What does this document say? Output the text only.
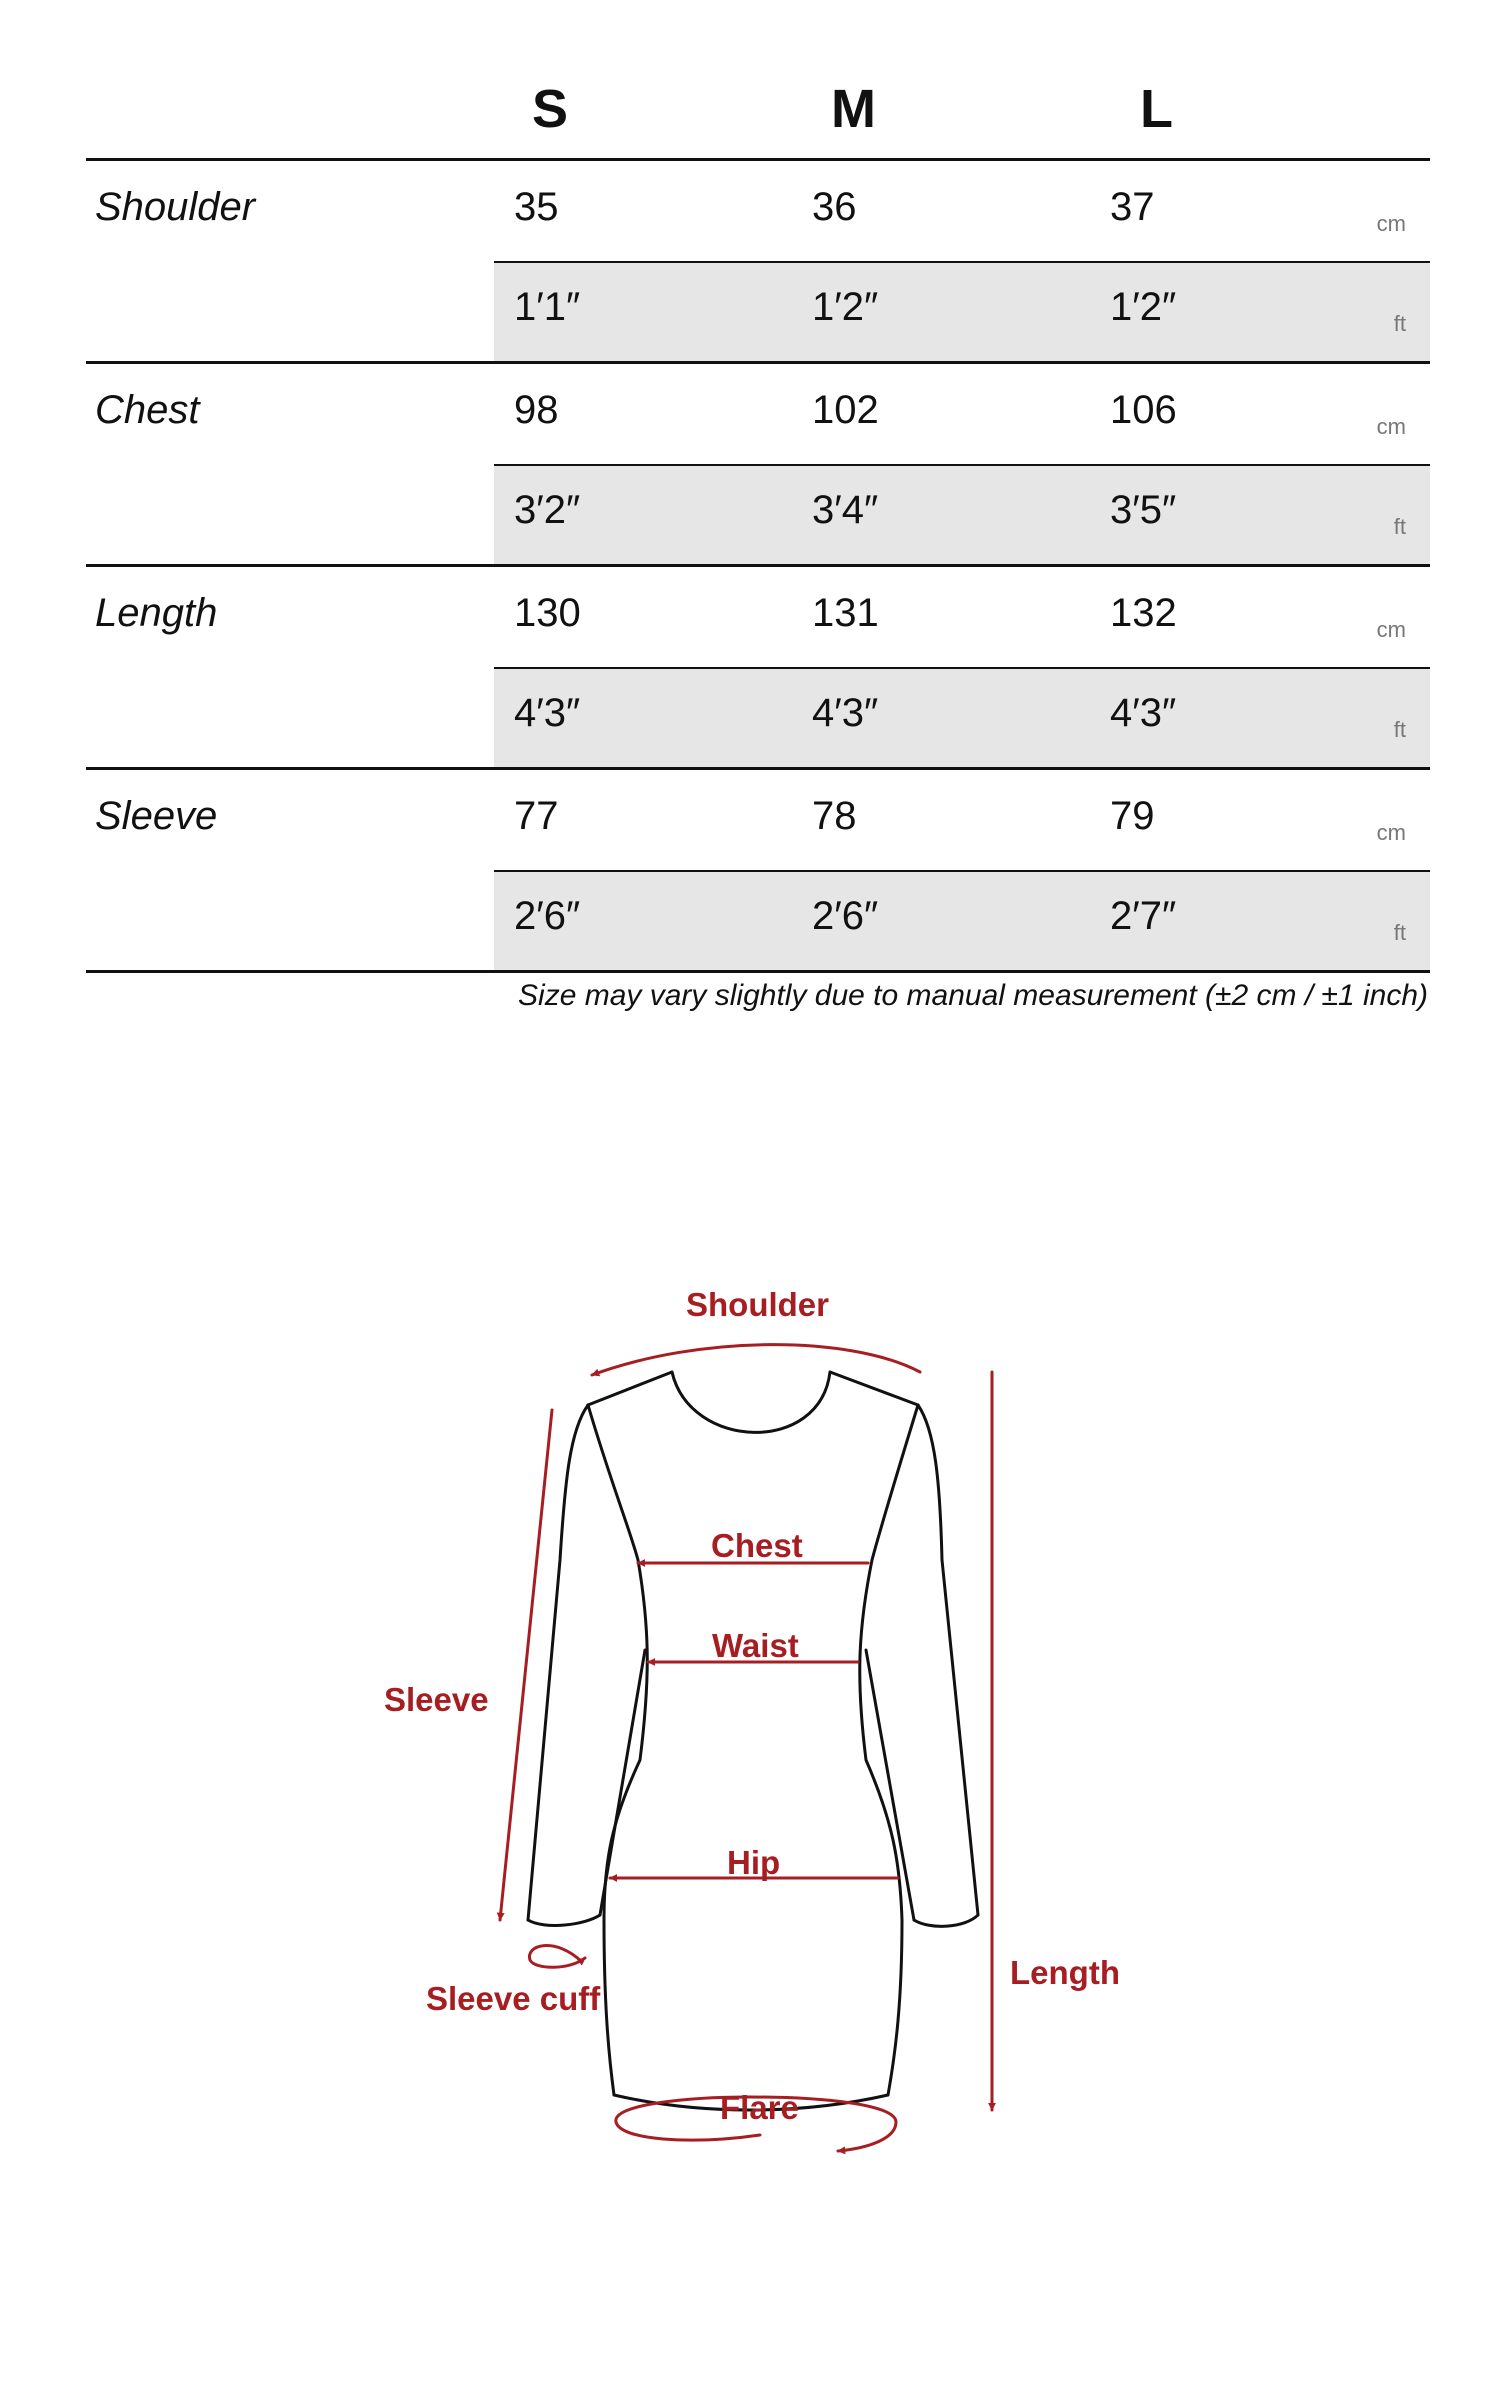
S	M	L
Shoulder	35	36	37	cm
1′1″	1′2″	1′2″	ft
Chest	98	102	106	cm
3′2″	3′4″	3′5″	ft
Length	130	131	132	cm
4′3″	4′3″	4′3″	ft
Sleeve	77	78	79	cm
2′6″	2′6″	2′7″	ft
Size may vary slightly due to manual measurement (±2 cm / ±1 inch)
Shoulder
Chest
Waist
Sleeve
Hip
Sleeve cuff
Length
Flare
